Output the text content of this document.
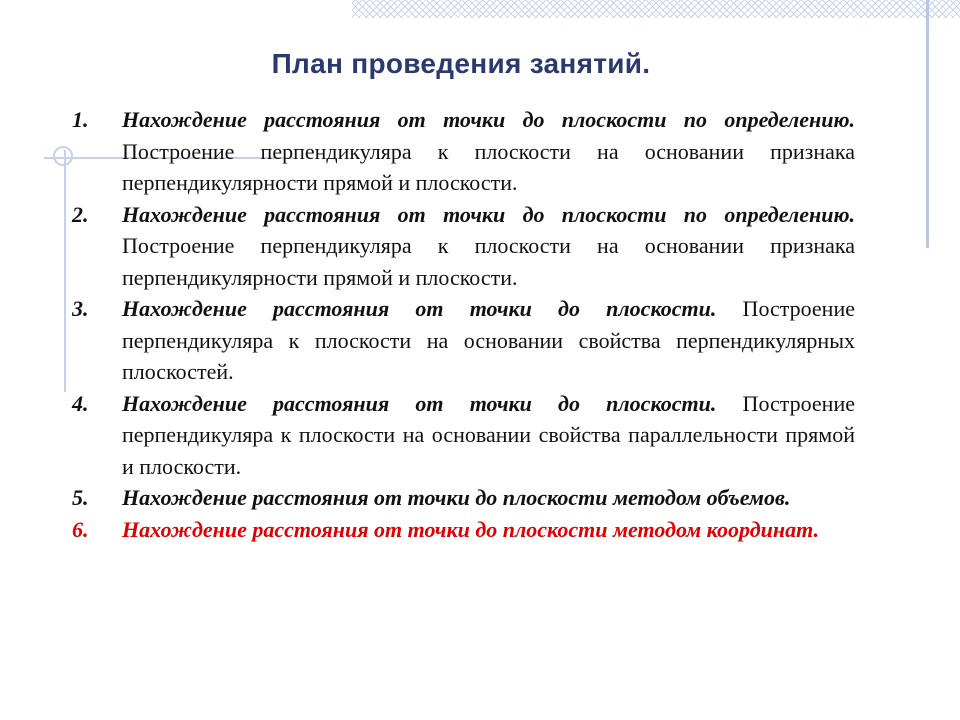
План проведения занятий.
1.	Нахождение расстояния от точки до плоскости по определению. Построение перпендикуляра к плоскости на основании признака перпендикулярности прямой и плоскости.
2.	Нахождение расстояния от точки до плоскости по определению. Построение перпендикуляра к плоскости на основании признака перпендикулярности прямой и плоскости.
3.	Нахождение расстояния от точки до плоскости. Построение перпендикуляра к плоскости на основании свойства перпендикулярных плоскостей.
4.	Нахождение расстояния от точки до плоскости. Построение перпендикуляра к плоскости на основании свойства параллельности прямой и плоскости.
5.	Нахождение расстояния от точки до плоскости методом объемов.
6.	Нахождение расстояния от точки до плоскости методом координат.
